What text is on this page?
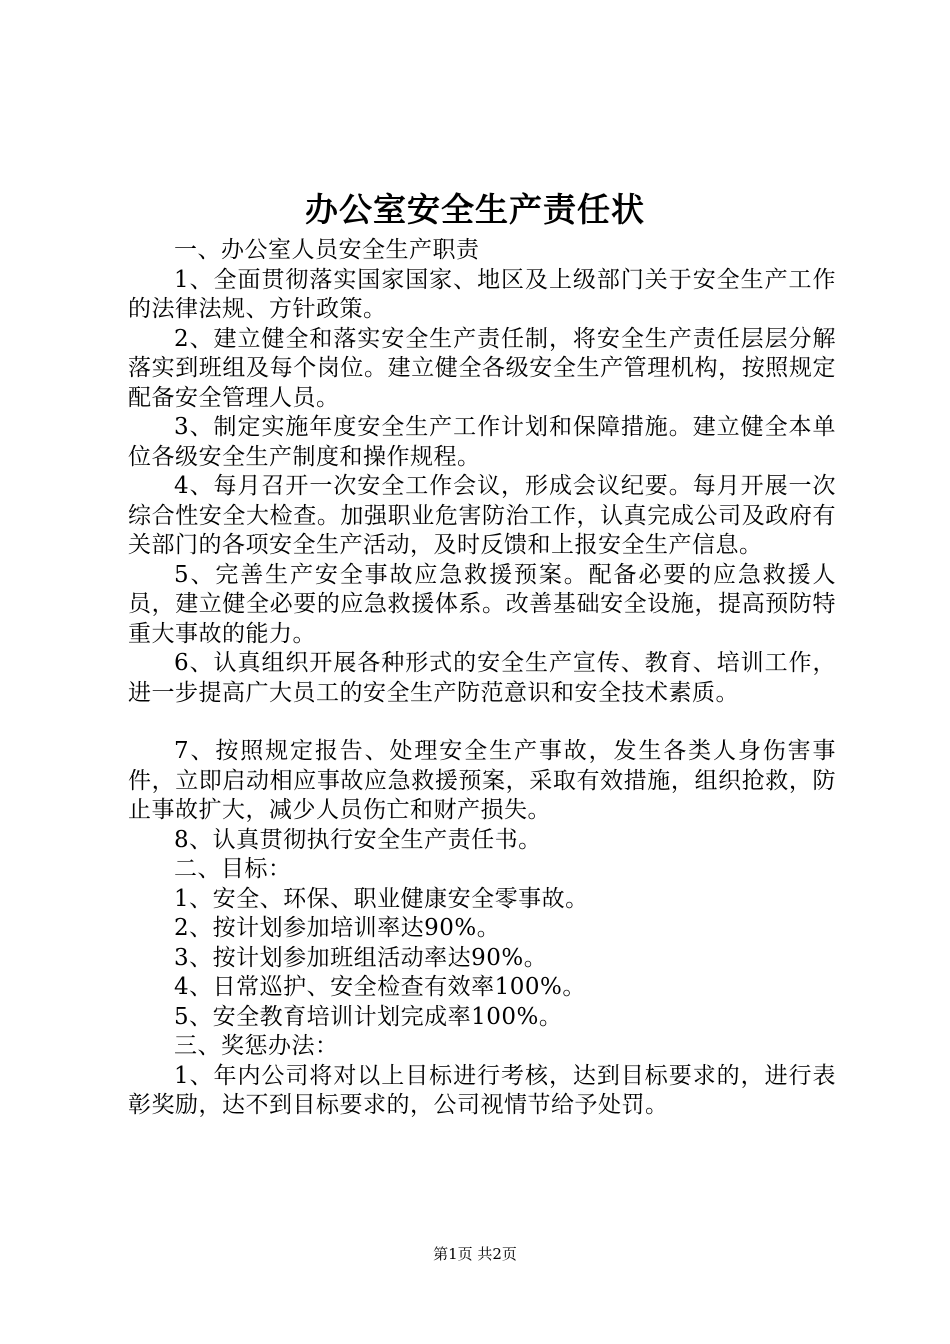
办公室安全生产责任状

一、办公室人员安全生产职责

1、全面贯彻落实国家国家、地区及上级部门关于安全生产工作的法律法规、方针政策。

2、建立健全和落实安全生产责任制，将安全生产责任层层分解落实到班组及每个岗位。建立健全各级安全生产管理机构，按照规定配备安全管理人员。

3、制定实施年度安全生产工作计划和保障措施。建立健全本单位各级安全生产制度和操作规程。

4、每月召开一次安全工作会议，形成会议纪要。每月开展一次综合性安全大检查。加强职业危害防治工作，认真完成公司及政府有关部门的各项安全生产活动，及时反馈和上报安全生产信息。

5、完善生产安全事故应急救援预案。配备必要的应急救援人员，建立健全必要的应急救援体系。改善基础安全设施，提高预防特重大事故的能力。

6、认真组织开展各种形式的安全生产宣传、教育、培训工作，进一步提高广大员工的安全生产防范意识和安全技术素质。

7、按照规定报告、处理安全生产事故，发生各类人身伤害事件，立即启动相应事故应急救援预案，采取有效措施，组织抢救，防止事故扩大，减少人员伤亡和财产损失。

8、认真贯彻执行安全生产责任书。

二、目标：

1、安全、环保、职业健康安全零事故。

2、按计划参加培训率达90%。

3、按计划参加班组活动率达90%。

4、日常巡护、安全检查有效率100%。

5、安全教育培训计划完成率100%。

三、奖惩办法：

1、年内公司将对以上目标进行考核，达到目标要求的，进行表彰奖励，达不到目标要求的，公司视情节给予处罚。

第1页 共2页
